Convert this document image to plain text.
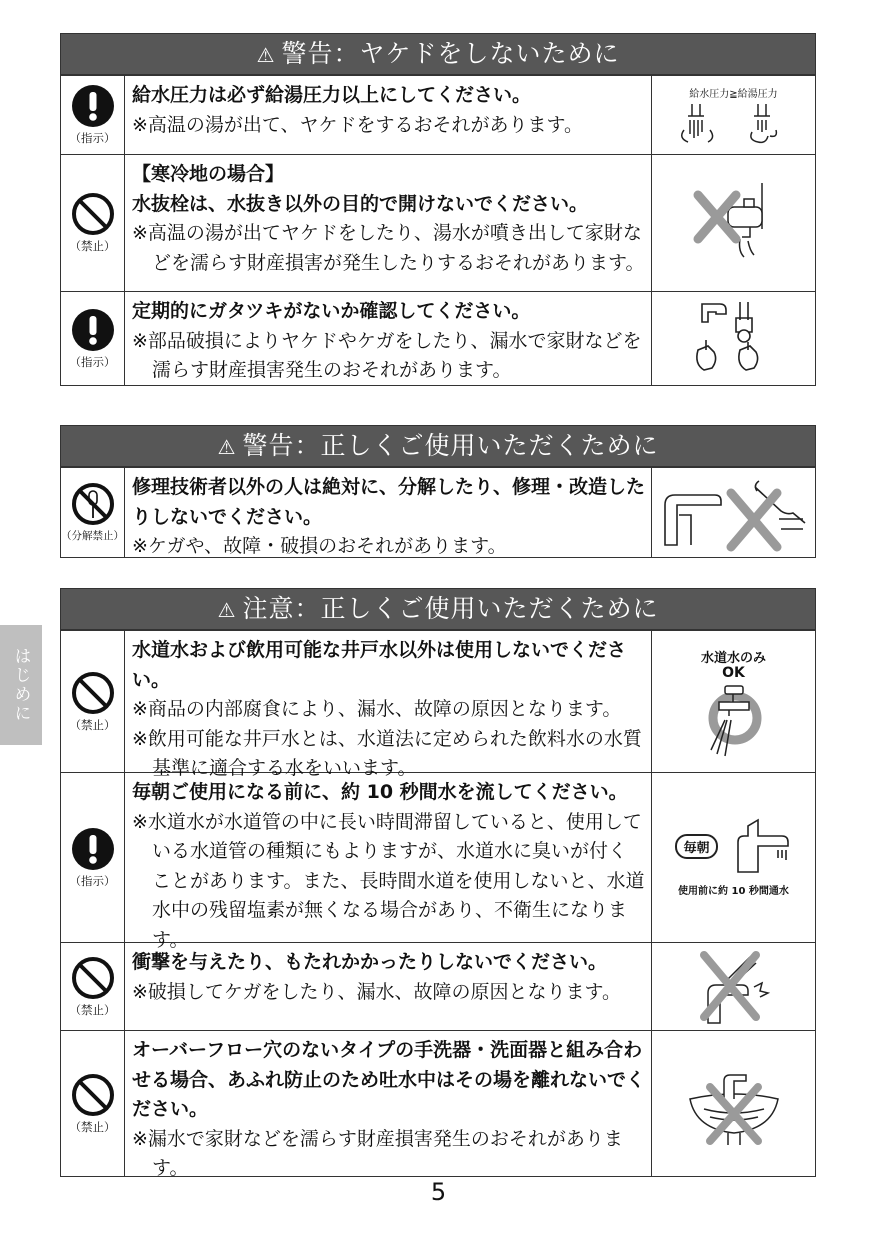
⚠ 警告：ヤケドをしないために
（指示）
給水圧力は必ず給湯圧力以上にしてください。
※高温の湯が出て、ヤケドをするおそれがあります。
給水圧力≧給湯圧力
（禁止）
【寒冷地の場合】
水抜栓は、水抜き以外の目的で開けないでください。
※高温の湯が出てヤケドをしたり、湯水が噴き出して家財などを濡らす財産損害が発生したりするおそれがあります。
（指示）
定期的にガタツキがないか確認してください。
※部品破損によりヤケドやケガをしたり、漏水で家財などを濡らす財産損害発生のおそれがあります。
⚠ 警告：正しくご使用いただくために
（分解禁止）
修理技術者以外の人は絶対に、分解したり、修理・改造したりしないでください。
※ケガや、故障・破損のおそれがあります。
⚠ 注意：正しくご使用いただくために
（禁止）
水道水および飲用可能な井戸水以外は使用しないでください。
※商品の内部腐食により、漏水、故障の原因となります。
※飲用可能な井戸水とは、水道法に定められた飲料水の水質基準に適合する水をいいます。
水道水のみ
OK
（指示）
毎朝ご使用になる前に、約 10 秒間水を流してください。
※水道水が水道管の中に長い時間滞留していると、使用している水道管の種類にもよりますが、水道水に臭いが付くことがあります。また、長時間水道を使用しないと、水道水中の残留塩素が無くなる場合があり、不衛生になります。
毎朝
使用前に約 10 秒間通水
（禁止）
衝撃を与えたり、もたれかかったりしないでください。
※破損してケガをしたり、漏水、故障の原因となります。
（禁止）
オーバーフロー穴のないタイプの手洗器・洗面器と組み合わせる場合、あふれ防止のため吐水中はその場を離れないでください。
※漏水で家財などを濡らす財産損害発生のおそれがあります。
はじめに
5
